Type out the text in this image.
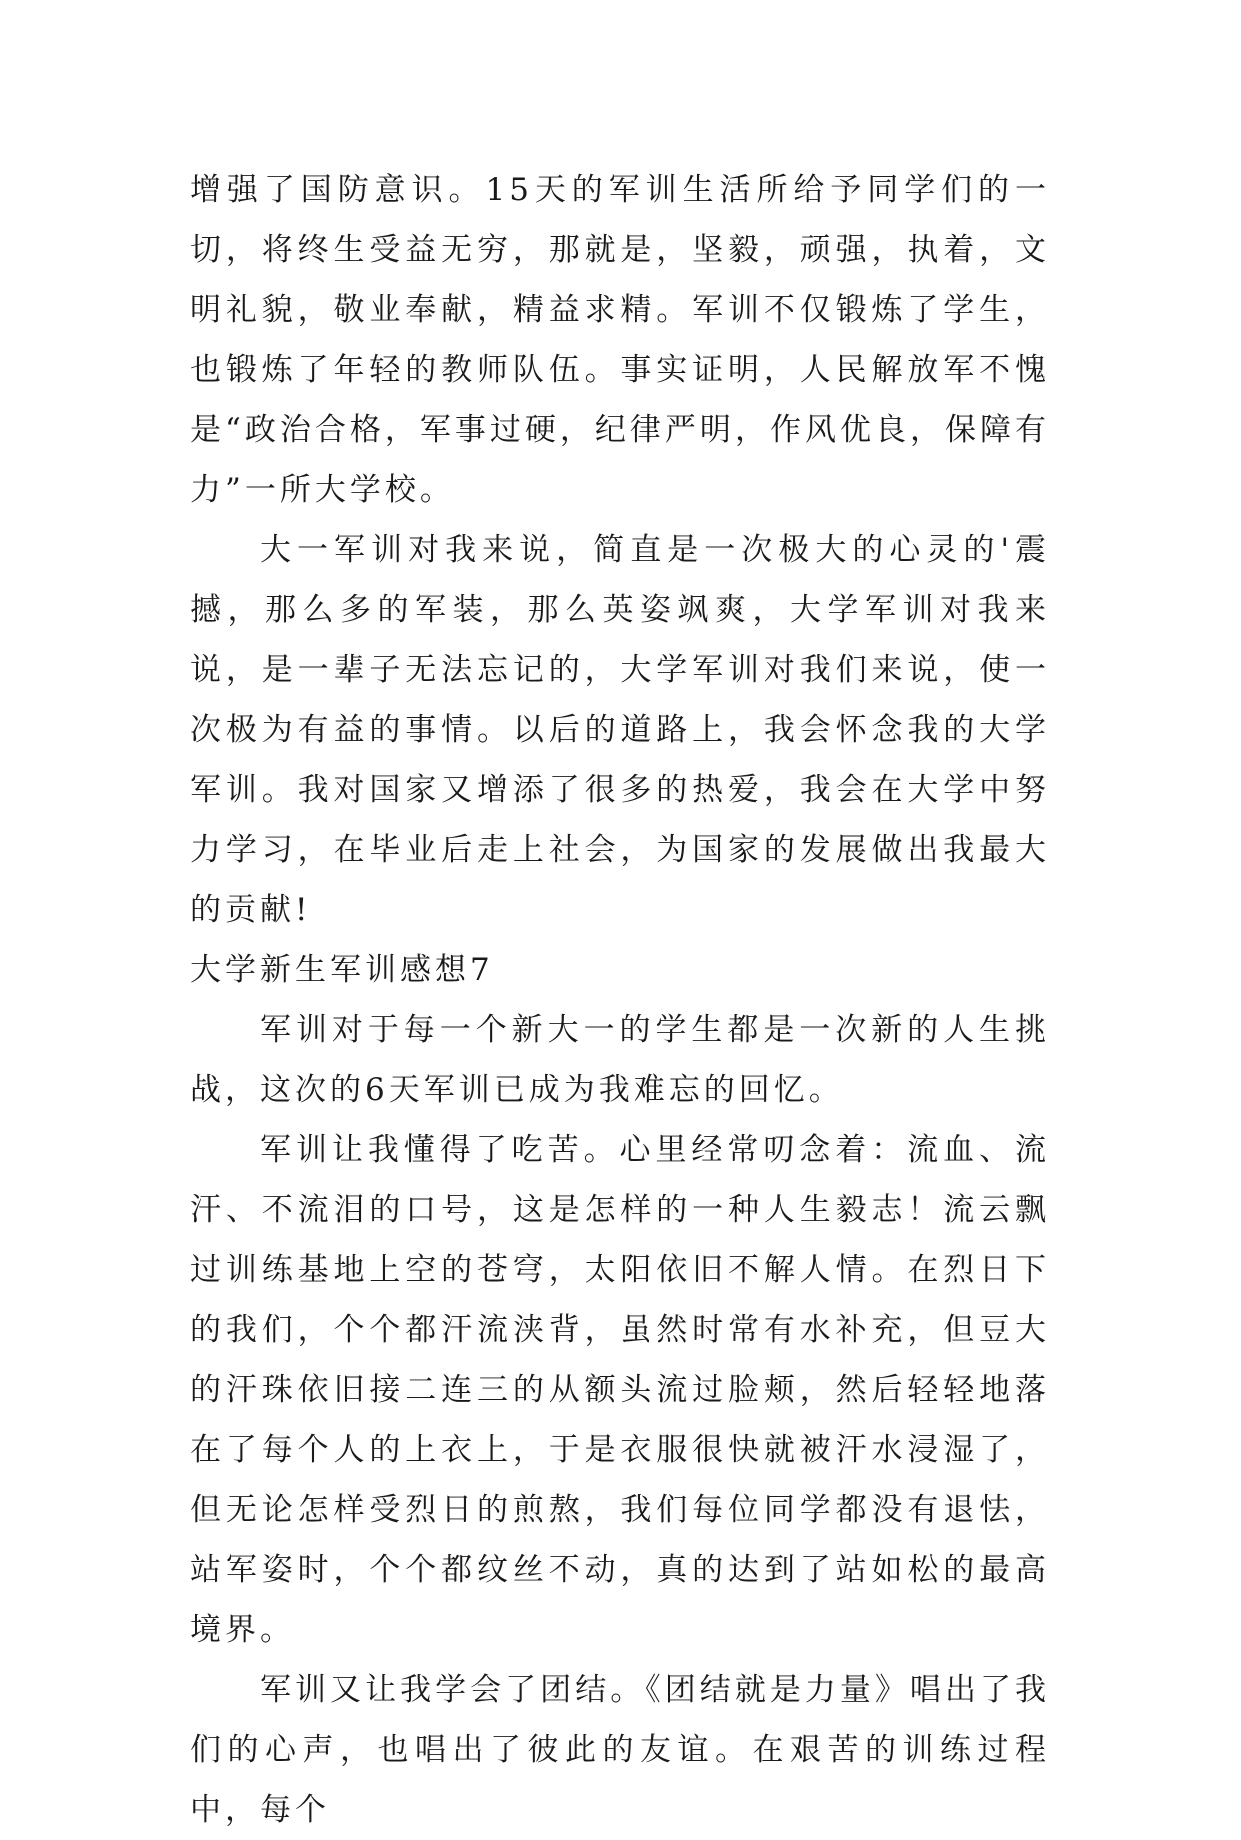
增强了国防意识。15天的军训生活所给予同学们的一切，将终生受益无穷，那就是，坚毅，顽强，执着，文明礼貌，敬业奉献，精益求精。军训不仅锻炼了学生，也锻炼了年轻的教师队伍。事实证明，人民解放军不愧是“政治合格，军事过硬，纪律严明，作风优良，保障有力”一所大学校。

大一军训对我来说，简直是一次极大的心灵的'震撼，那么多的军装，那么英姿飒爽，大学军训对我来说，是一辈子无法忘记的，大学军训对我们来说，使一次极为有益的事情。以后的道路上，我会怀念我的大学军训。我对国家又增添了很多的热爱，我会在大学中努力学习，在毕业后走上社会，为国家的发展做出我最大的贡献!

大学新生军训感想7

军训对于每一个新大一的学生都是一次新的人生挑战，这次的6天军训已成为我难忘的回忆。

军训让我懂得了吃苦。心里经常叨念着：流血、流汗、不流泪的口号，这是怎样的一种人生毅志！流云飘过训练基地上空的苍穹，太阳依旧不解人情。在烈日下的我们，个个都汗流浃背，虽然时常有水补充，但豆大的汗珠依旧接二连三的从额头流过脸颊，然后轻轻地落在了每个人的上衣上，于是衣服很快就被汗水浸湿了，但无论怎样受烈日的煎熬，我们每位同学都没有退怯，站军姿时，个个都纹丝不动，真的达到了站如松的最高境界。

军训又让我学会了团结。《团结就是力量》唱出了我们的心声，也唱出了彼此的友谊。在艰苦的训练过程中，每个
